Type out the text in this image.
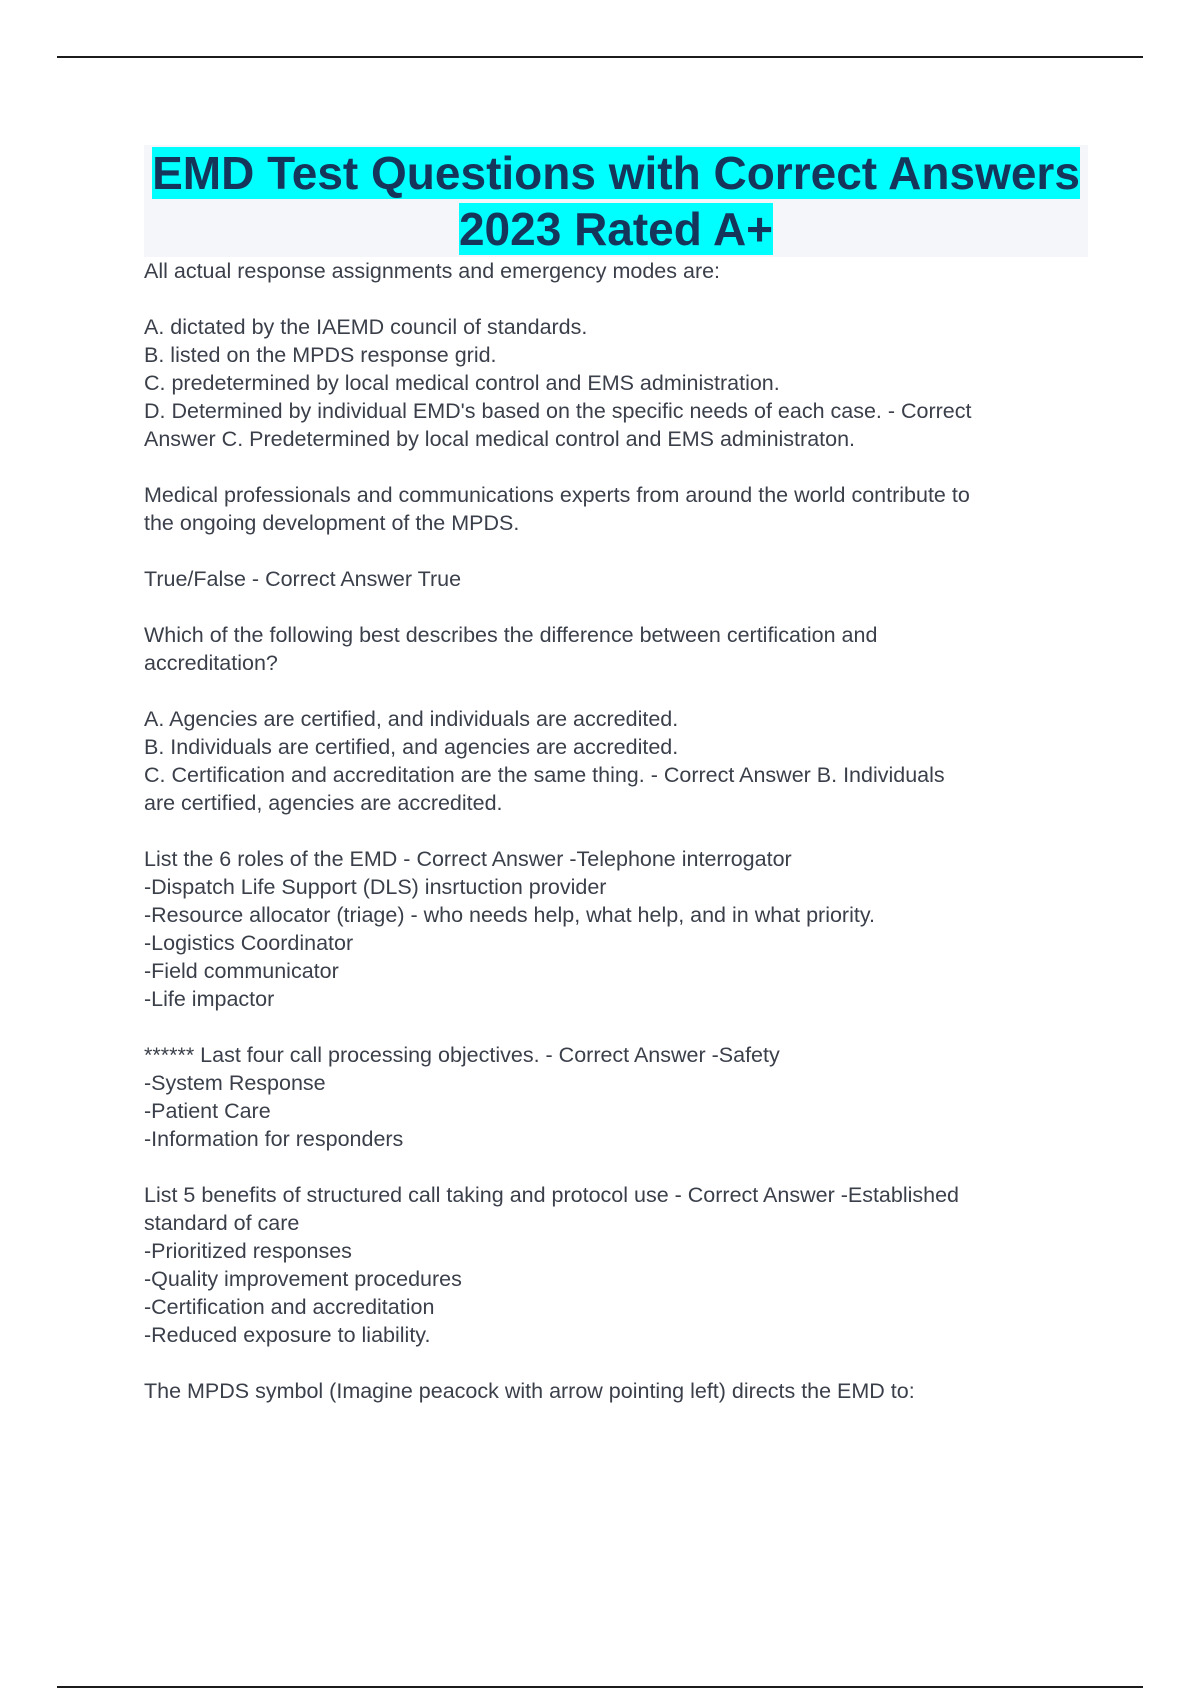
EMD Test Questions with Correct Answers 2023 Rated A+
All actual response assignments and emergency modes are:
A. dictated by the IAEMD council of standards.
B. listed on the MPDS response grid.
C. predetermined by local medical control and EMS administration.
D. Determined by individual EMD's based on the specific needs of each case. - Correct
Answer C. Predetermined by local medical control and EMS administraton.
Medical professionals and communications experts from around the world contribute to
the ongoing development of the MPDS.
True/False - Correct Answer True
Which of the following best describes the difference between certification and
accreditation?
A. Agencies are certified, and individuals are accredited.
B. Individuals are certified, and agencies are accredited.
C. Certification and accreditation are the same thing. - Correct Answer B. Individuals
are certified, agencies are accredited.
List the 6 roles of the EMD - Correct Answer -Telephone interrogator
-Dispatch Life Support (DLS) insrtuction provider
-Resource allocator (triage) - who needs help, what help, and in what priority.
-Logistics Coordinator
-Field communicator
-Life impactor
****** Last four call processing objectives. - Correct Answer -Safety
-System Response
-Patient Care
-Information for responders
List 5 benefits of structured call taking and protocol use - Correct Answer -Established
standard of care
-Prioritized responses
-Quality improvement procedures
-Certification and accreditation
-Reduced exposure to liability.
The MPDS symbol (Imagine peacock with arrow pointing left) directs the EMD to:
